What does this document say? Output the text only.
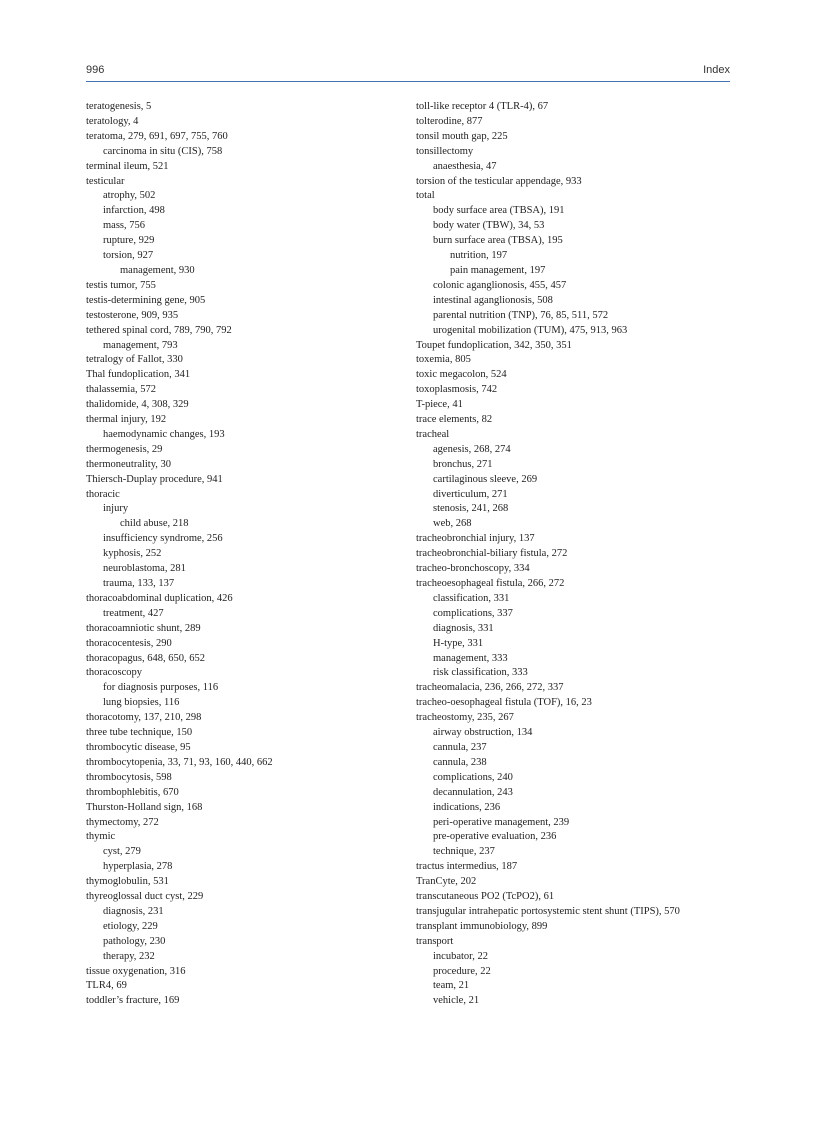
996	Index
teratogenesis, 5
teratology, 4
teratoma, 279, 691, 697, 755, 760
carcinoma in situ (CIS), 758
terminal ileum, 521
testicular
atrophy, 502
infarction, 498
mass, 756
rupture, 929
torsion, 927
management, 930
testis tumor, 755
testis-determining gene, 905
testosterone, 909, 935
tethered spinal cord, 789, 790, 792
management, 793
tetralogy of Fallot, 330
Thal fundoplication, 341
thalassemia, 572
thalidomide, 4, 308, 329
thermal injury, 192
haemodynamic changes, 193
thermogenesis, 29
thermoneutrality, 30
Thiersch-Duplay procedure, 941
thoracic
injury
child abuse, 218
insufficiency syndrome, 256
kyphosis, 252
neuroblastoma, 281
trauma, 133, 137
thoracoabdominal duplication, 426
treatment, 427
thoracoamniotic shunt, 289
thoracocentesis, 290
thoracopagus, 648, 650, 652
thoracoscopy
for diagnosis purposes, 116
lung biopsies, 116
thoracotomy, 137, 210, 298
three tube technique, 150
thrombocytic disease, 95
thrombocytopenia, 33, 71, 93, 160, 440, 662
thrombocytosis, 598
thrombophlebitis, 670
Thurston-Holland sign, 168
thymectomy, 272
thymic
cyst, 279
hyperplasia, 278
thymoglobulin, 531
thyreoglossal duct cyst, 229
diagnosis, 231
etiology, 229
pathology, 230
therapy, 232
tissue oxygenation, 316
TLR4, 69
toddler’s fracture, 169
toll-like receptor 4 (TLR-4), 67
tolterodine, 877
tonsil mouth gap, 225
tonsillectomy
anaesthesia, 47
torsion of the testicular appendage, 933
total
body surface area (TBSA), 191
body water (TBW), 34, 53
burn surface area (TBSA), 195
nutrition, 197
pain management, 197
colonic aganglionosis, 455, 457
intestinal aganglionosis, 508
parental nutrition (TNP), 76, 85, 511, 572
urogenital mobilization (TUM), 475, 913, 963
Toupet fundoplication, 342, 350, 351
toxemia, 805
toxic megacolon, 524
toxoplasmosis, 742
T-piece, 41
trace elements, 82
tracheal
agenesis, 268, 274
bronchus, 271
cartilaginous sleeve, 269
diverticulum, 271
stenosis, 241, 268
web, 268
tracheobronchial injury, 137
tracheobronchial-biliary fistula, 272
tracheo-bronchoscopy, 334
tracheoesophageal fistula, 266, 272
classification, 331
complications, 337
diagnosis, 331
H-type, 331
management, 333
risk classification, 333
tracheomalacia, 236, 266, 272, 337
tracheo-oesophageal fistula (TOF), 16, 23
tracheostomy, 235, 267
airway obstruction, 134
cannula, 237
cannula, 238
complications, 240
decannulation, 243
indications, 236
peri-operative management, 239
pre-operative evaluation, 236
technique, 237
tractus intermedius, 187
TranCyte, 202
transcutaneous PO2 (TcPO2), 61
transjugular intrahepatic portosystemic stent shunt (TIPS), 570
transplant immunobiology, 899
transport
incubator, 22
procedure, 22
team, 21
vehicle, 21
